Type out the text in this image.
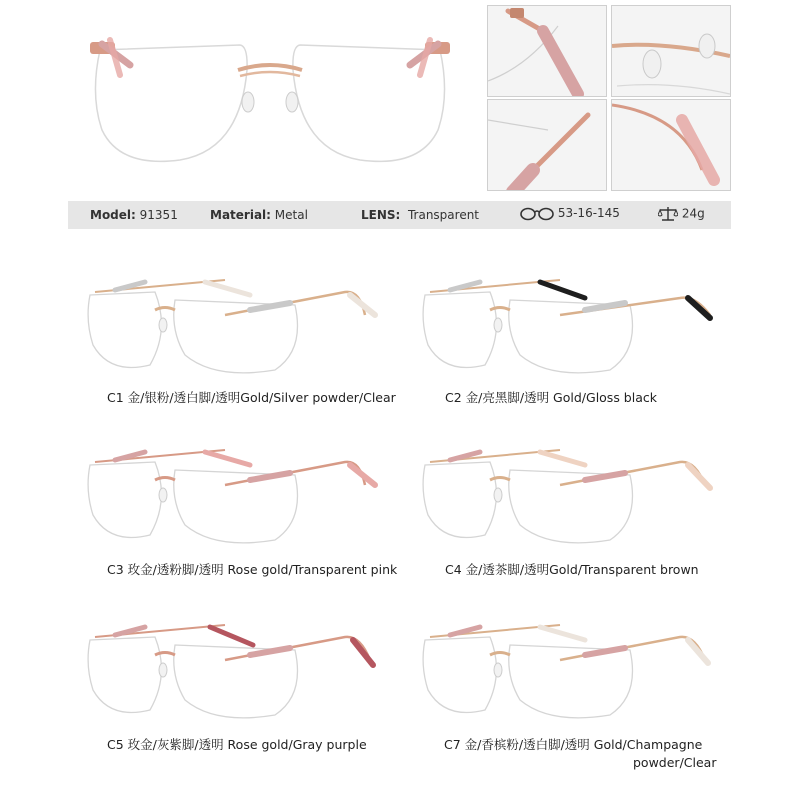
Model: 91351	Material: Metal	LENS: Transparent	53-16-145	24g
C1 金/银粉/透白脚/透明Gold/Silver powder/Clear	C2 金/亮黑脚/透明 Gold/Gloss black
C3 玫金/透粉脚/透明 Rose gold/Transparent pink	C4 金/透茶脚/透明Gold/Transparent brown
C5 玫金/灰紫脚/透明 Rose gold/Gray purple	C7 金/香槟粉/透白脚/透明 Gold/Champagne
powder/Clear
